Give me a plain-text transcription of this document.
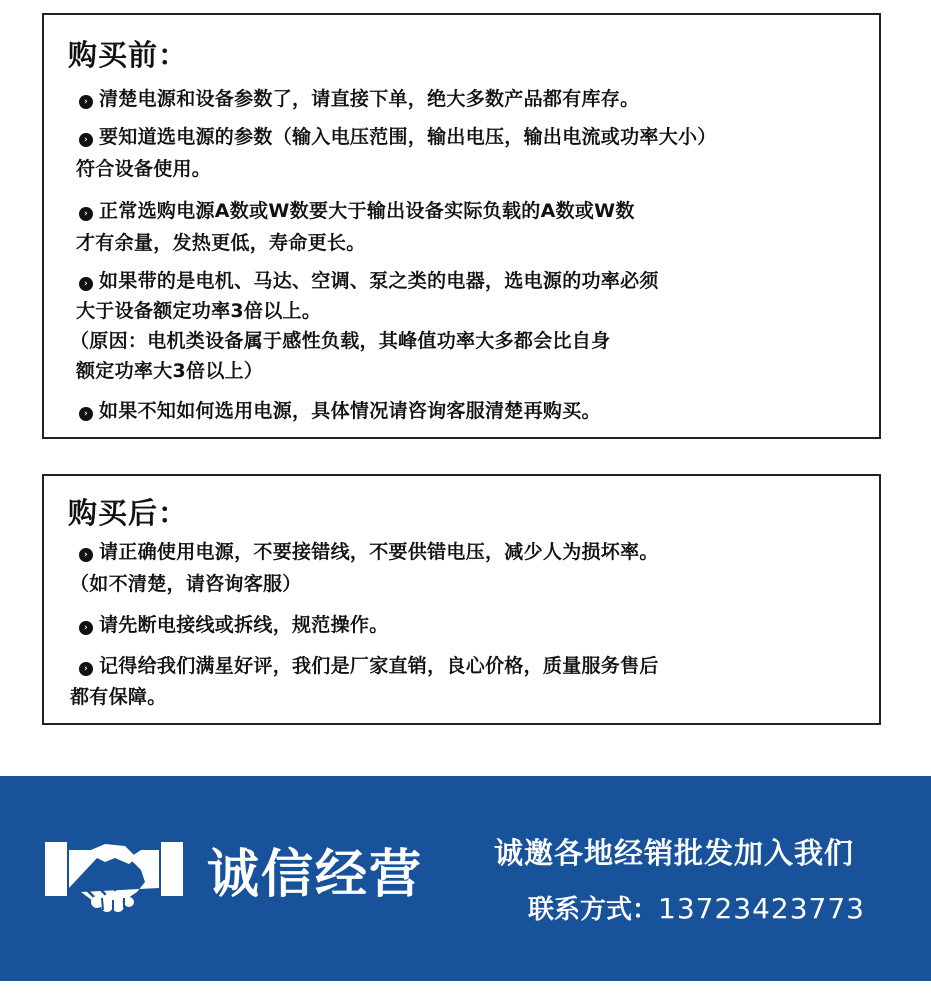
购买前：
› 清楚电源和设备参数了，请直接下单，绝大多数产品都有库存。
› 要知道选电源的参数（输入电压范围，输出电压，输出电流或功率大小）
符合设备使用。
› 正常选购电源A数或W数要大于输出设备实际负载的A数或W数
才有余量，发热更低，寿命更长。
› 如果带的是电机、马达、空调、泵之类的电器，选电源的功率必须
大于设备额定功率3倍以上。
（原因：电机类设备属于感性负载，其峰值功率大多都会比自身
额定功率大3倍以上）
› 如果不知如何选用电源，具体情况请咨询客服清楚再购买。
购买后：
› 请正确使用电源，不要接错线，不要供错电压，减少人为损坏率。
（如不清楚，请咨询客服）
› 请先断电接线或拆线，规范操作。
› 记得给我们满星好评，我们是厂家直销，良心价格，质量服务售后
都有保障。
诚信经营 诚邀各地经销批发加入我们
联系方式：13723423773
